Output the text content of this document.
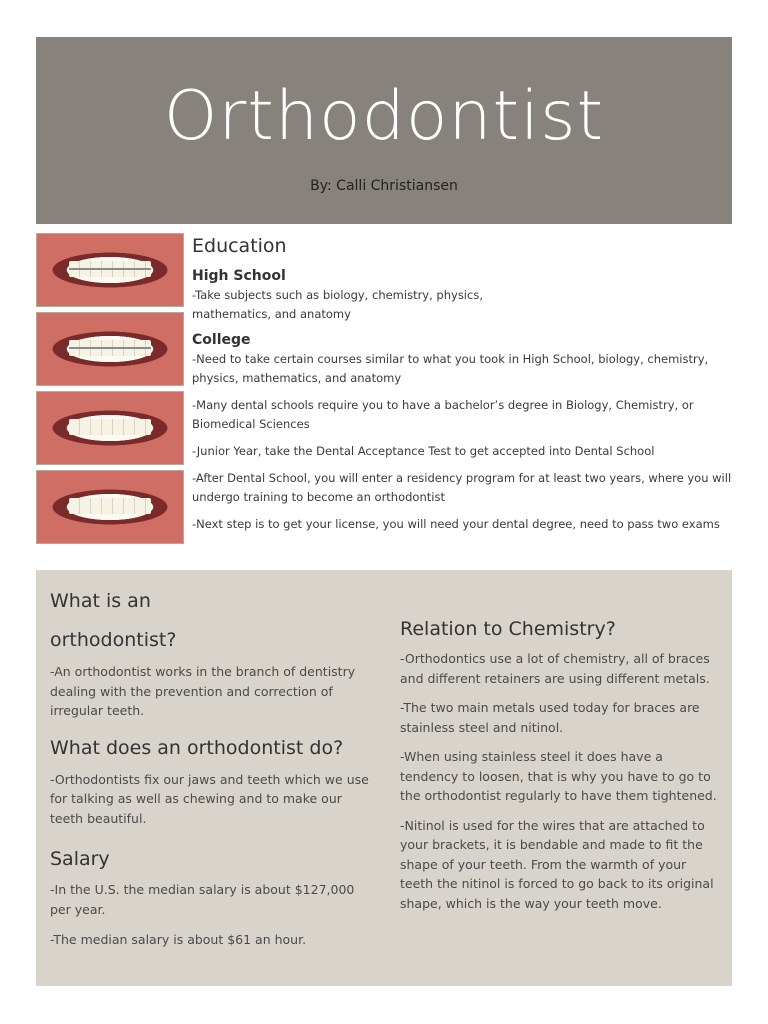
Orthodontist
By: Calli Christiansen
Education
High School

-Take subjects such as biology, chemistry, physics,
mathematics, and anatomy

College

-Need to take certain courses similar to what you took in High School, biology, chemistry,
physics, mathematics, and anatomy

-Many dental schools require you to have a bachelor’s degree in Biology, Chemistry, or
Biomedical Sciences

-Junior Year, take the Dental Acceptance Test to get accepted into Dental School

-After Dental School, you will enter a residency program for at least two years, where you will
undergo training to become an orthodontist

-Next step is to get your license, you will need your dental degree, need to pass two exams

What is an
orthodontist?

-An orthodontist works in the branch of dentistry
dealing with the prevention and correction of
irregular teeth.

What does an orthodontist do?

-Orthodontists fix our jaws and teeth which we use
for talking as well as chewing and to make our
teeth beautiful.

Salary

-In the U.S. the median salary is about $127,000
per year.

-The median salary is about $61 an hour.

Relation to Chemistry?

-Orthodontics use a lot of chemistry, all of braces
and different retainers are using different metals.

-The two main metals used today for braces are
stainless steel and nitinol.

-When using stainless steel it does have a
tendency to loosen, that is why you have to go to
the orthodontist regularly to have them tightened.

-Nitinol is used for the wires that are attached to
your brackets, it is bendable and made to fit the
shape of your teeth. From the warmth of your
teeth the nitinol is forced to go back to its original
shape, which is the way your teeth move.
